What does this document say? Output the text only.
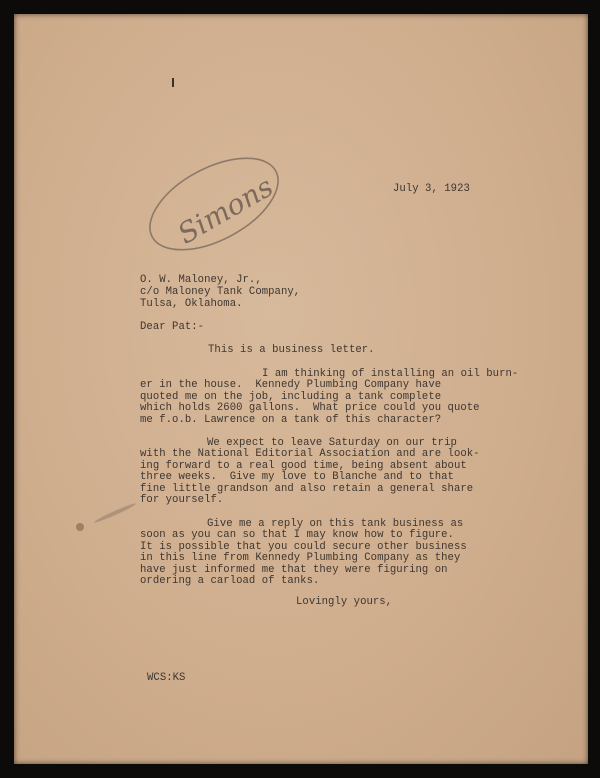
Simons	July 3, 1923
O. W. Maloney, Jr.,
c/o Maloney Tank Company,
Tulsa, Oklahoma.
Dear Pat:-
This is a business letter.
I am thinking of installing an oil burn-
er in the house.  Kennedy Plumbing Company have
quoted me on the job, including a tank complete
which holds 2600 gallons.  What price could you quote
me f.o.b. Lawrence on a tank of this character?
We expect to leave Saturday on our trip
with the National Editorial Association and are look-
ing forward to a real good time, being absent about
three weeks.  Give my love to Blanche and to that
fine little grandson and also retain a general share
for yourself.
Give me a reply on this tank business as
soon as you can so that I may know how to figure.
It is possible that you could secure other business
in this line from Kennedy Plumbing Company as they
have just informed me that they were figuring on
ordering a carload of tanks.
Lovingly yours,
WCS:KS
